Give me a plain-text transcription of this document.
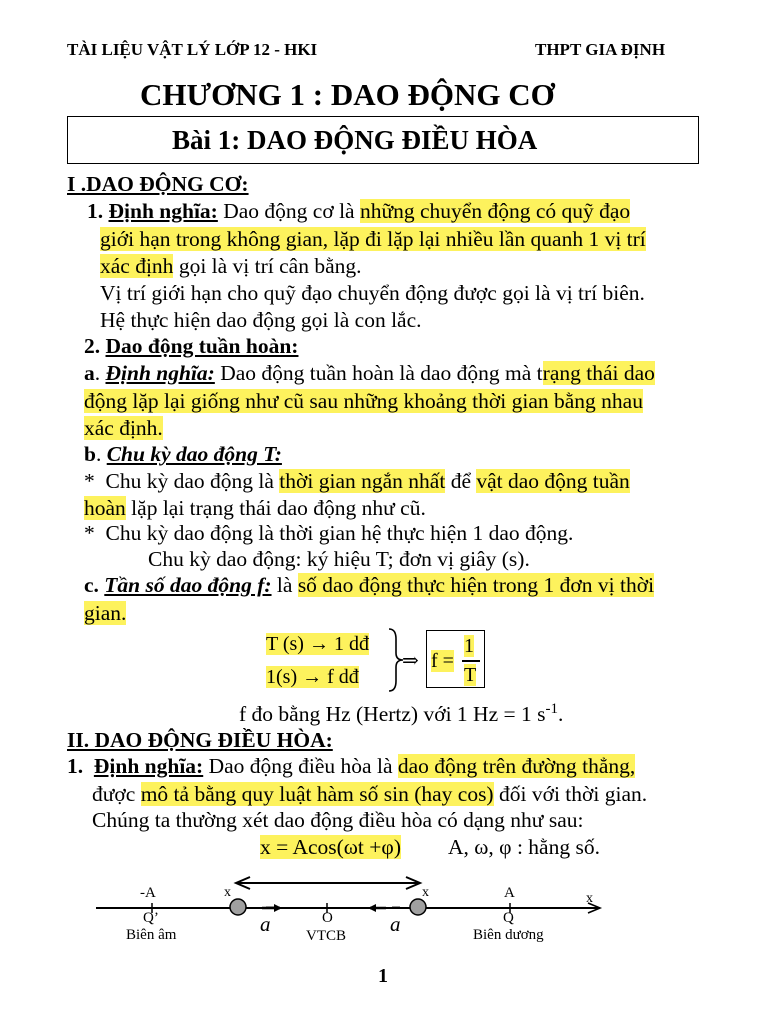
TÀI LIỆU VẬT LÝ LỚP 12 - HKI	THPT GIA ĐỊNH
CHƯƠNG 1 : DAO ĐỘNG CƠ
Bài 1: DAO ĐỘNG ĐIỀU HÒA
I .DAO ĐỘNG CƠ:
1. Định nghĩa: Dao động cơ là những chuyển động có quỹ đạo
giới hạn trong không gian, lặp đi lặp lại nhiều lần quanh 1 vị trí
xác định gọi là vị trí cân bằng.
Vị trí giới hạn cho quỹ đạo chuyển động được gọi là vị trí biên.
Hệ thực hiện dao động gọi là con lắc.
2. Dao động tuần hoàn:
a. Định nghĩa: Dao động tuần hoàn là dao động mà trạng thái dao
động lặp lại giống như cũ sau những khoảng thời gian bằng nhau
xác định.
b. Chu kỳ dao động T:
* Chu kỳ dao động là thời gian ngắn nhất để vật dao động tuần
hoàn lặp lại trạng thái dao động như cũ.
* Chu kỳ dao động là thời gian hệ thực hiện 1 dao động.
Chu kỳ dao động: ký hiệu T; đơn vị giây (s).
c. Tần số dao động f: là số dao động thực hiện trong 1 đơn vị thời
gian.
T (s) → 1 dđ
1(s) → f dđ
⇒ f =
1
T
f đo bằng Hz (Hertz) với 1 Hz = 1 $s^{-1}$.
II. DAO ĐỘNG ĐIỀU HÒA:
1. Định nghĩa: Dao động điều hòa là dao động trên đường thẳng,
được mô tả bằng quy luật hàm số sin (hay cos) đối với thời gian.
Chúng ta thường xét dao động điều hòa có dạng như sau:
x = Acos(ωt +φ) A, ω, φ : hằng số.
-A
Q’
Biên âm
x
a	O
VTCB a
x	A
Q
Biên dương
x
1
